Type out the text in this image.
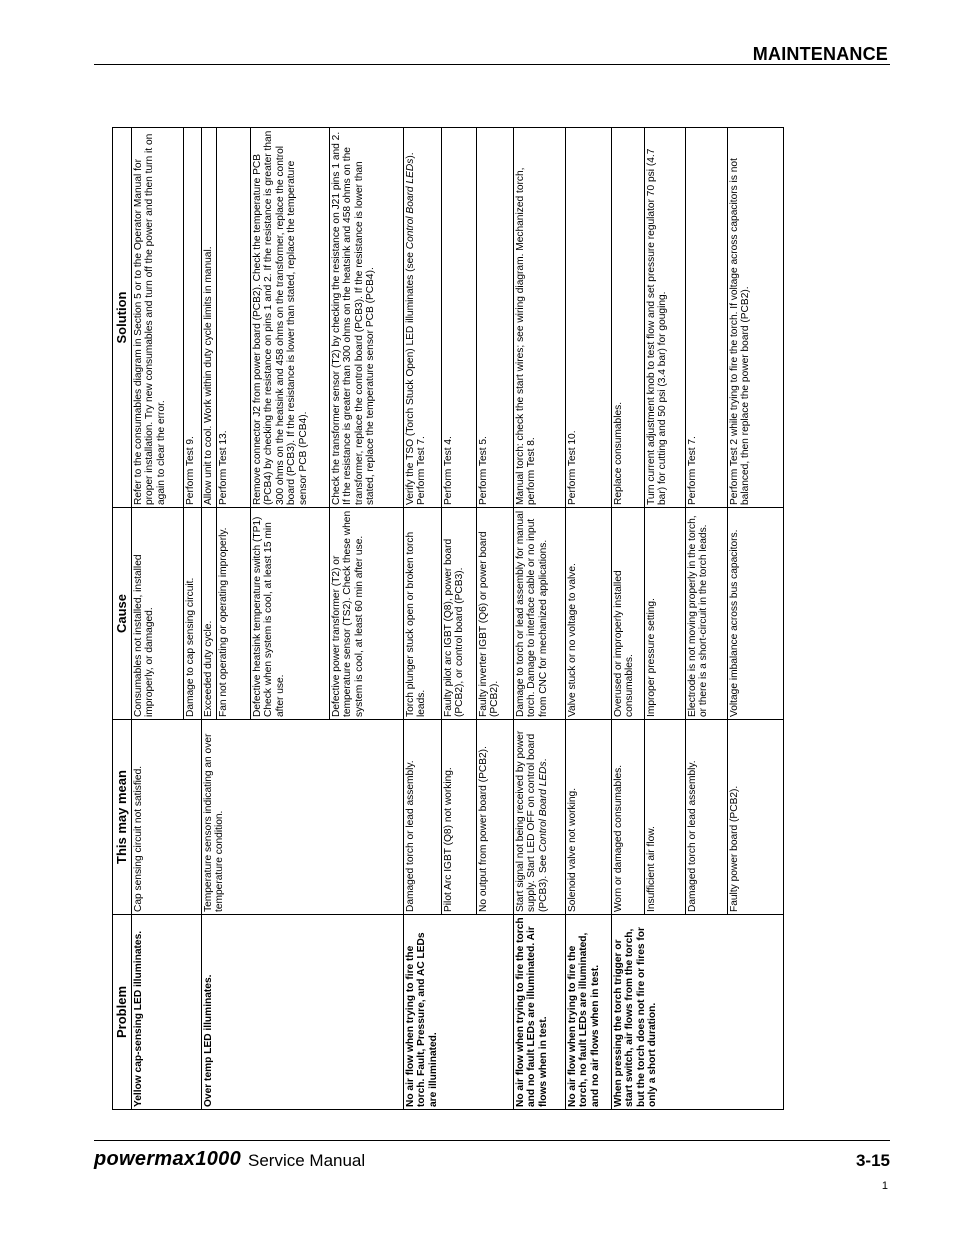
MAINTENANCE
Problem	This may mean	Cause	Solution
Yellow cap-sensing LED illuminates.	Cap sensing circuit not satisfied.	Consumables not installed, installed improperly, or damaged.	Refer to the consumables diagram in Section 5 or to the Operator Manual for proper installation. Try new consumables and turn off the power and then turn it on again to clear the error.
		Damage to cap sensing circuit.	Perform Test 9.
Over temp LED illuminates.	Temperature sensors indicating an over temperature condition.	Exceeded duty cycle.	Allow unit to cool. Work within duty cycle limits in manual.
		Fan not operating or operating improperly.	Perform Test 13.
		Defective heatsink temperature switch (TP1) Check when system is cool, at least 15 min after use.	Remove connector J2 from power board (PCB2). Check the temperature PCB (PCB4) by checking the resistance on pins 1 and 2. If the resistance is greater than 300 ohms on the heatsink and 458 ohms on the transformer, replace the control board (PCB3). If the resistance is lower than stated, replace the temperature sensor PCB (PCB4).
		Defective power transformer (T2) or temperature sensor (TS2). Check these when system is cool, at least 60 min after use.	Check the transformer sensor (T2) by checking the resistance on J21 pins 1 and 2. If the resistance is greater than 300 ohms on the heatsink and 458 ohms on the transformer, replace the control board (PCB3). If the resistance is lower than stated, replace the temperature sensor PCB (PCB4).
No air flow when trying to fire the torch. Fault, Pressure, and AC LEDs are illuminated.	Damaged torch or lead assembly.	Torch plunger stuck open or broken torch leads.	Verify the TSO (Torch Stuck Open) LED illuminates (see Control Board LEDs). Perform Test 7.
	Pilot Arc IGBT (Q8) not working.	Faulty pilot arc IGBT (Q8), power board (PCB2), or control board (PCB3).	Perform Test 4.
	No output from power board (PCB2).	Faulty inverter IGBT (Q6) or power board (PCB2).	Perform Test 5.
No air flow when trying to fire the torch and no fault LEDs are illuminated. Air flows when in test.	Start signal not being received by power supply. Start LED OFF on control board (PCB3). See Control Board LEDs.	Damage to torch or lead assembly for manual torch. Damage to interface cable or no input from CNC for mechanized applications.	Manual torch: check the start wires; see wiring diagram. Mechanized torch, perform Test 8.
No air flow when trying to fire the torch, no fault LEDs are illuminated, and no air flows when in test.	Solenoid valve not working.	Valve stuck or no voltage to valve.	Perform Test 10.
When pressing the torch trigger or start switch, air flows from the torch, but the torch does not fire or fires for only a short duration.	Worn or damaged consumables.	Overused or improperly installed consumables.	Replace consumables.
	Insufficient air flow.	Improper pressure setting.	Turn current adjustment knob to test flow and set pressure regulator 70 psi (4.7 bar) for cutting and 50 psi (3.4 bar) for gouging.
	Damaged torch or lead assembly.	Electrode is not moving properly in the torch, or there is a short-circuit in the torch leads.	Perform Test 7.
	Faulty power board (PCB2).	Voltage imbalance across bus capacitors.	Perform Test 2 while trying to fire the torch. If voltage across capacitors is not balanced, then replace the power board (PCB2).
powermax1000 Service Manual	3-15
1
